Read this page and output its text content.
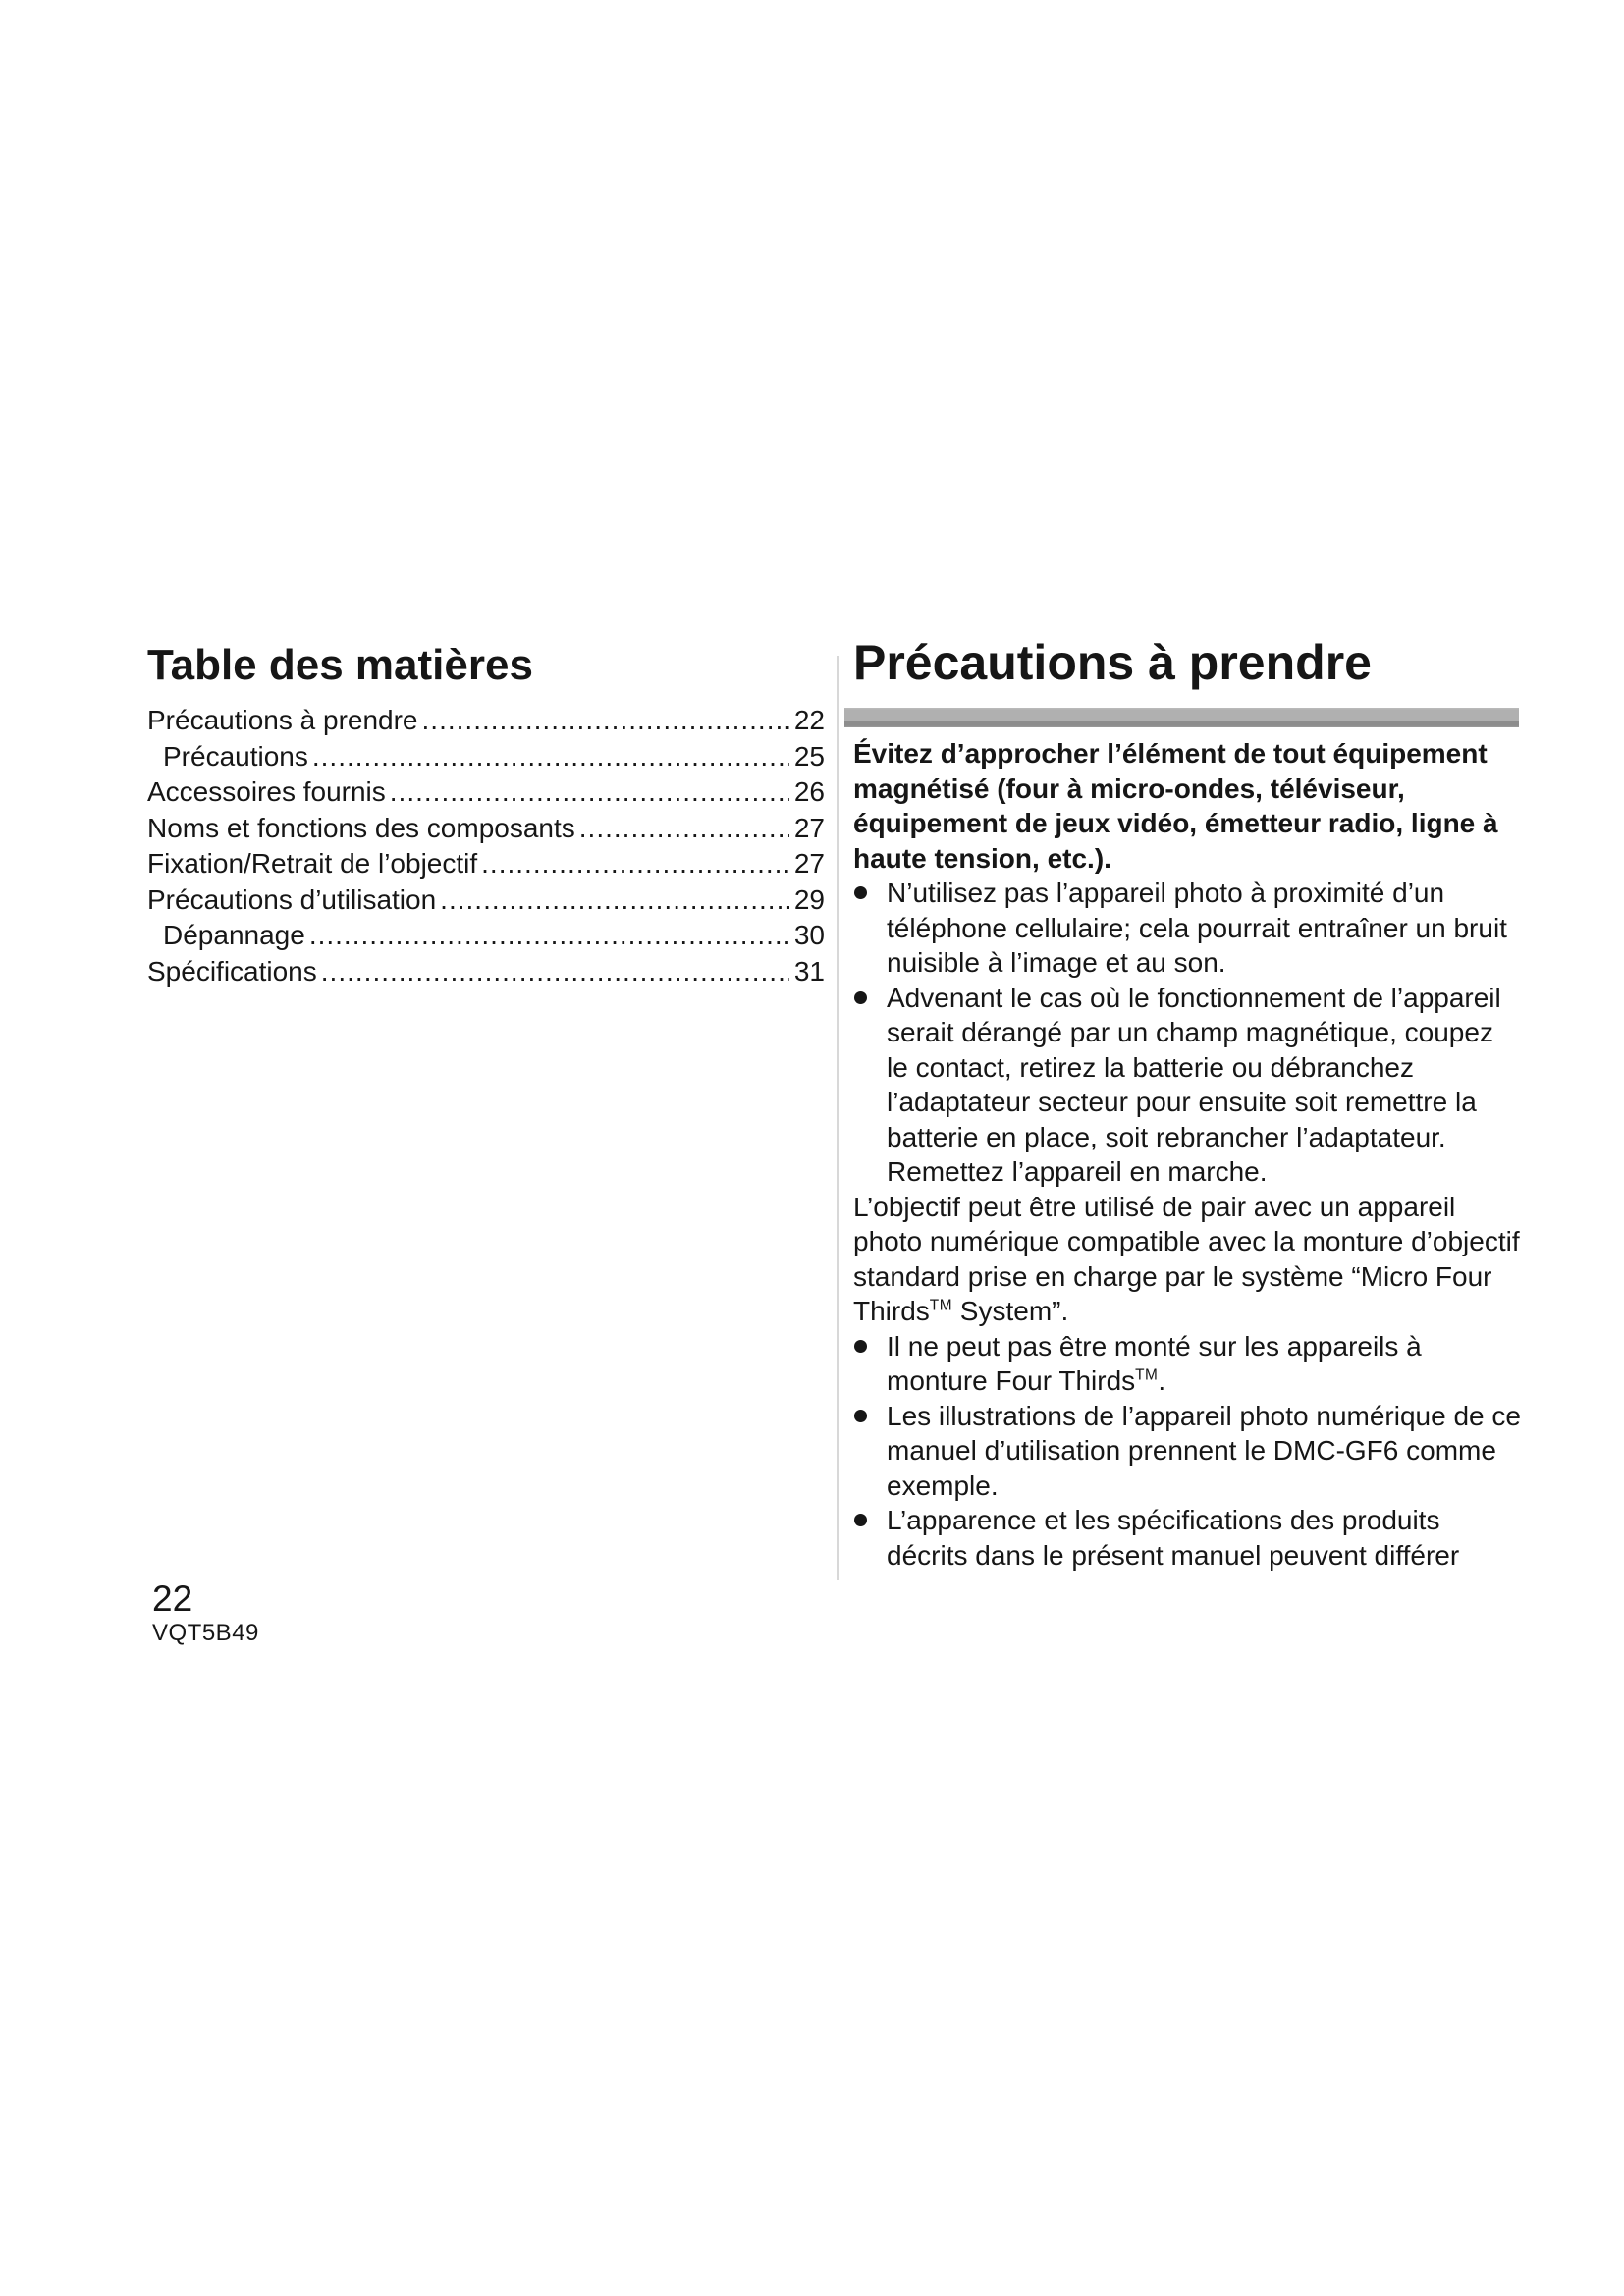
Table des matières
Précautions à prendre .....	22
Précautions .....	25
Accessoires fournis .....	26
Noms et fonctions des composants .....	27
Fixation/Retrait de l’objectif .....	27
Précautions d’utilisation .....	29
Dépannage .....	30
Spécifications .....	31
Précautions à prendre

Évitez d’approcher l’élément de tout équipement magnétisé (four à micro-ondes, téléviseur, équipement de jeux vidéo, émetteur radio, ligne à haute tension, etc.).

N’utilisez pas l’appareil photo à proximité d’un téléphone cellulaire; cela pourrait entraîner un bruit nuisible à l’image et au son.
Advenant le cas où le fonctionnement de l’appareil serait dérangé par un champ magnétique, coupez le contact, retirez la batterie ou débranchez l’adaptateur secteur pour ensuite soit remettre la batterie en place, soit rebrancher l’adaptateur. Remettez l’appareil en marche.

L’objectif peut être utilisé de pair avec un appareil photo numérique compatible avec la monture d’objectif standard prise en charge par le système “Micro Four Thirds™ System”.

Il ne peut pas être monté sur les appareils à monture Four Thirds™.
Les illustrations de l’appareil photo numérique de ce manuel d’utilisation prennent le DMC-GF6 comme exemple.
L’apparence et les spécifications des produits décrits dans le présent manuel peuvent différer
22
VQT5B49
